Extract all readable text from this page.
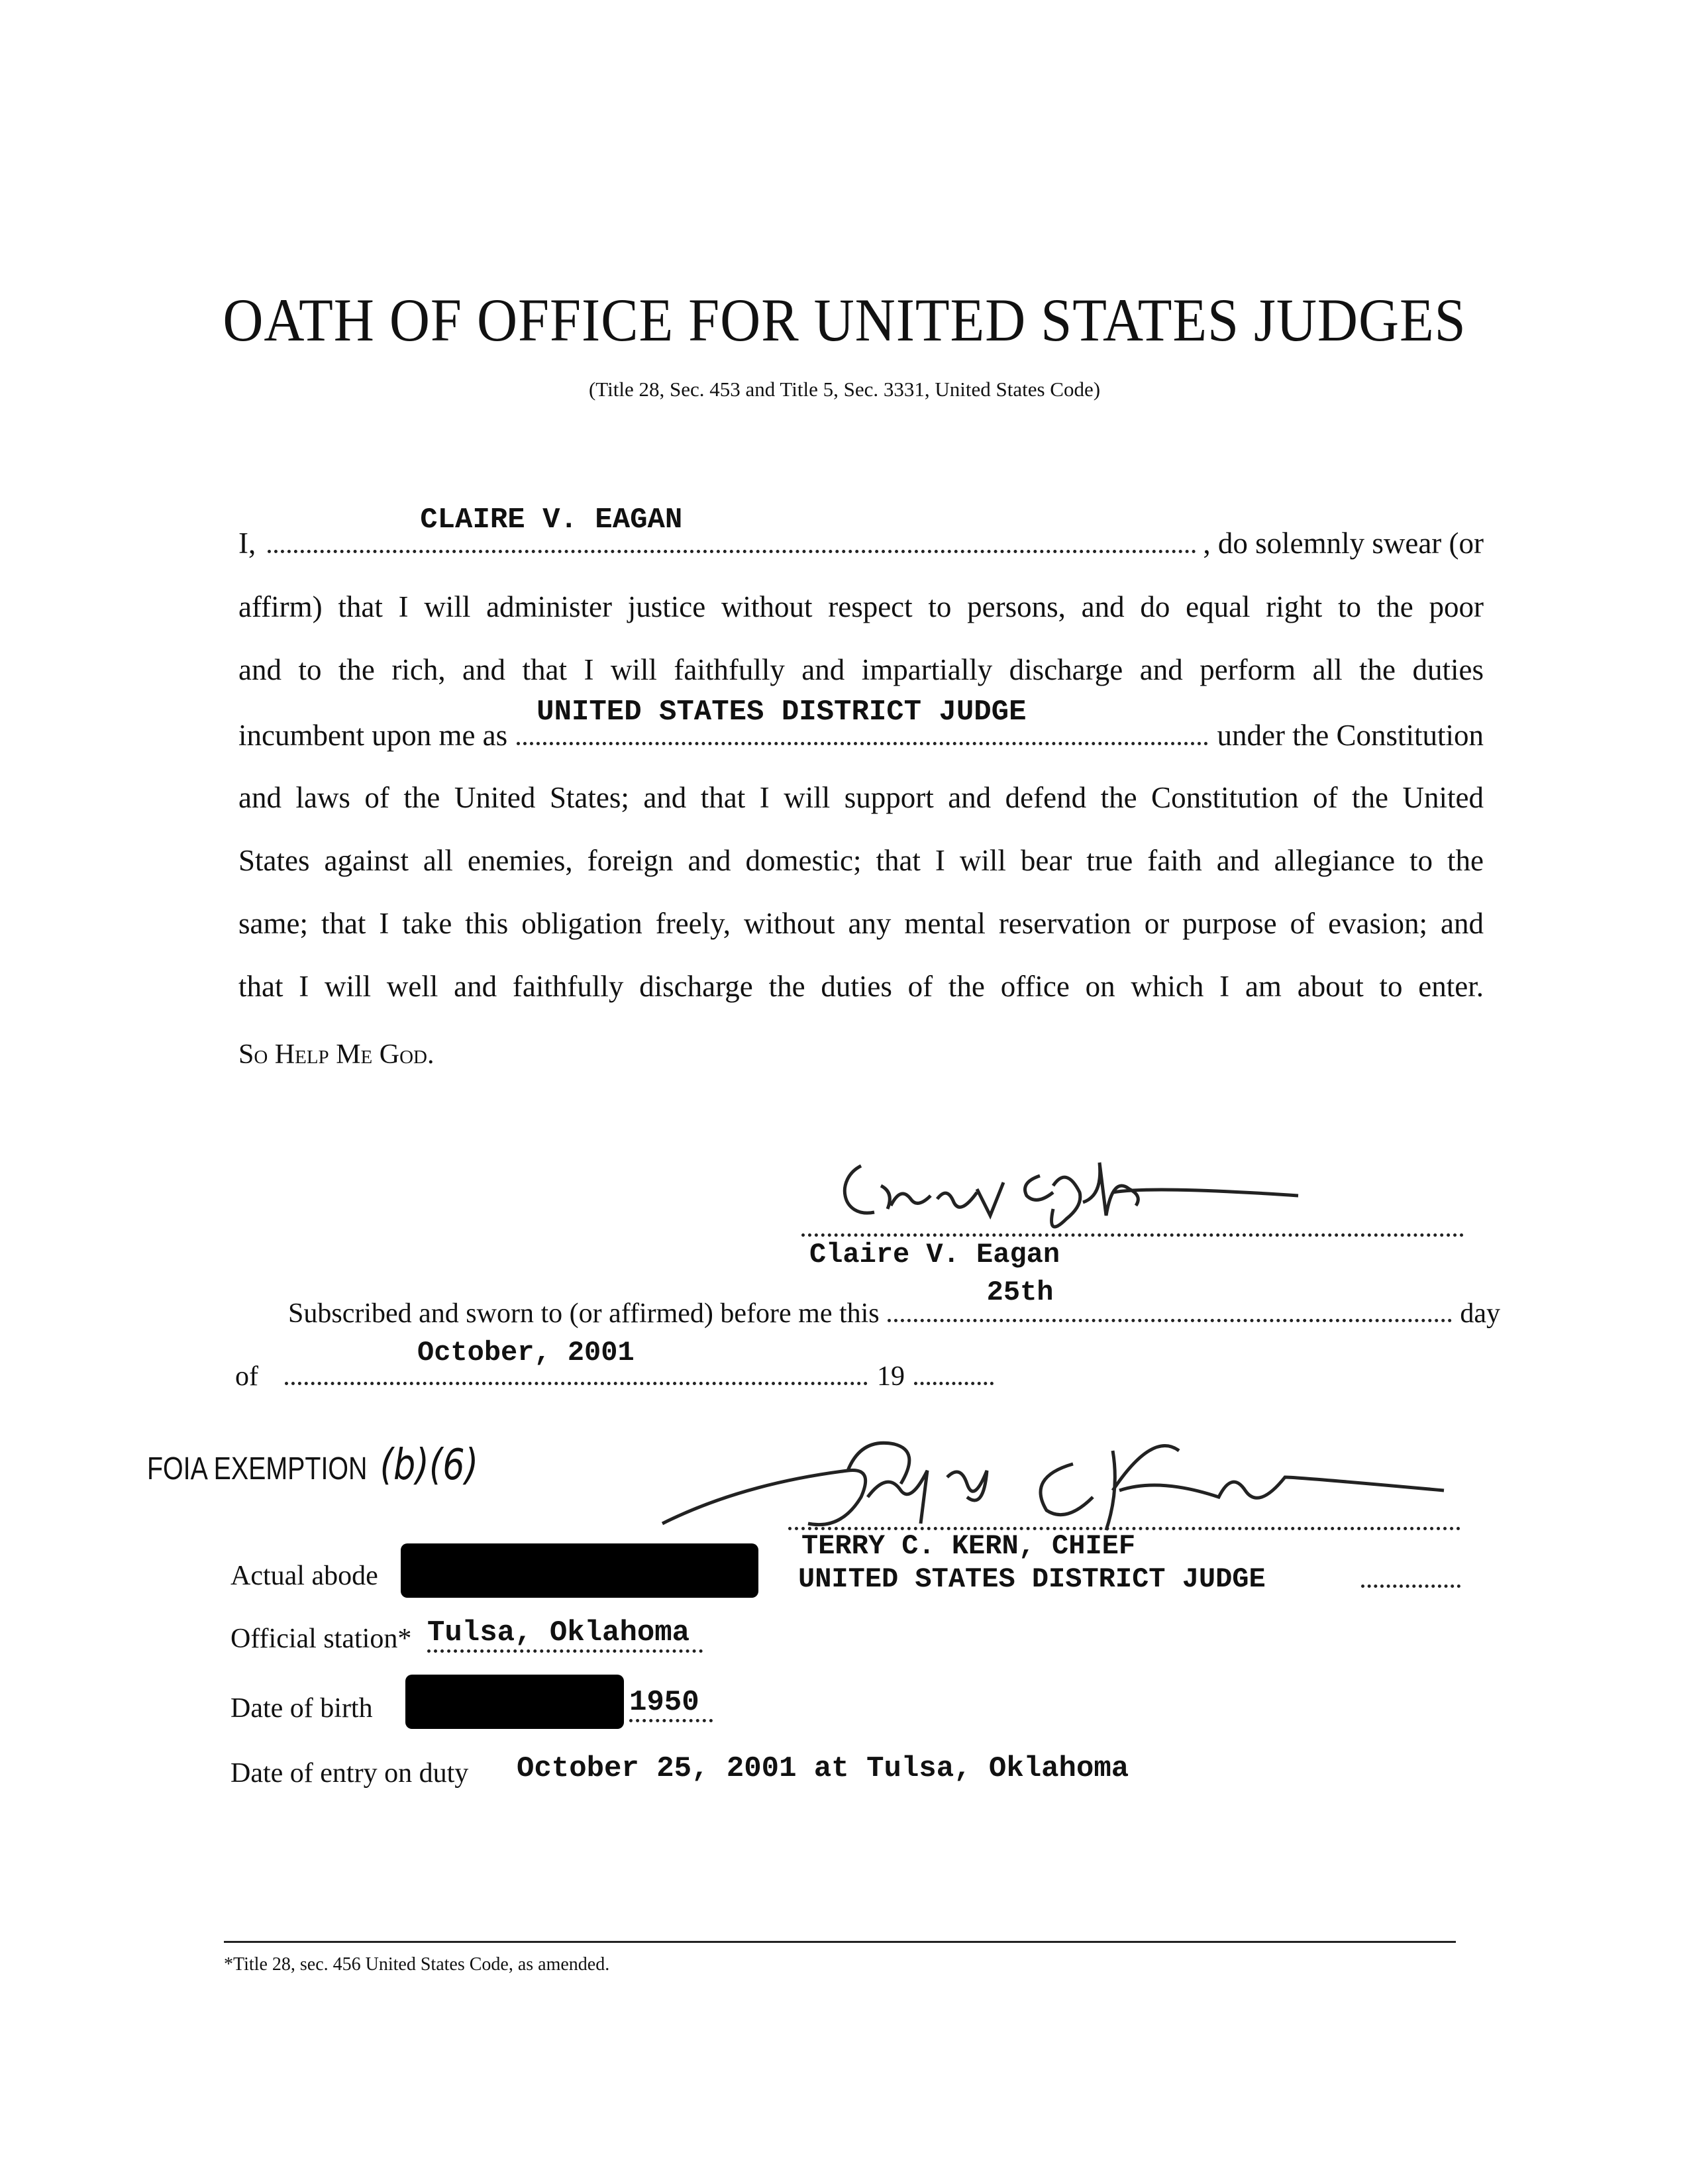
OATH OF OFFICE FOR UNITED STATES JUDGES
(Title 28, Sec. 453 and Title 5, Sec. 3331, United States Code)
I,
CLAIRE V. EAGAN
, do solemnly swear (or
affirm) that I will administer justice without respect to persons, and do equal right to the poor
and to the rich, and that I will faithfully and impartially discharge and perform all the duties
incumbent upon me as
UNITED STATES DISTRICT JUDGE
under the Constitution
and laws of the United States; and that I will support and defend the Constitution of the United
States against all enemies, foreign and domestic; that I will bear true faith and allegiance to the
same; that I take this obligation freely, without any mental reservation or purpose of evasion; and
that I will well and faithfully discharge the duties of the office on which I am about to enter.
So Help Me God.
Claire V. Eagan
Subscribed and sworn to (or affirmed) before me this
25th
day
of
October, 2001
19
FOIA EXEMPTION (b)(6)
TERRY C. KERN, CHIEF
UNITED STATES DISTRICT JUDGE
Actual abode
Official station* Tulsa, Oklahoma
Date of birth	1950
Date of entry on duty October 25, 2001 at Tulsa, Oklahoma
*Title 28, sec. 456 United States Code, as amended.
